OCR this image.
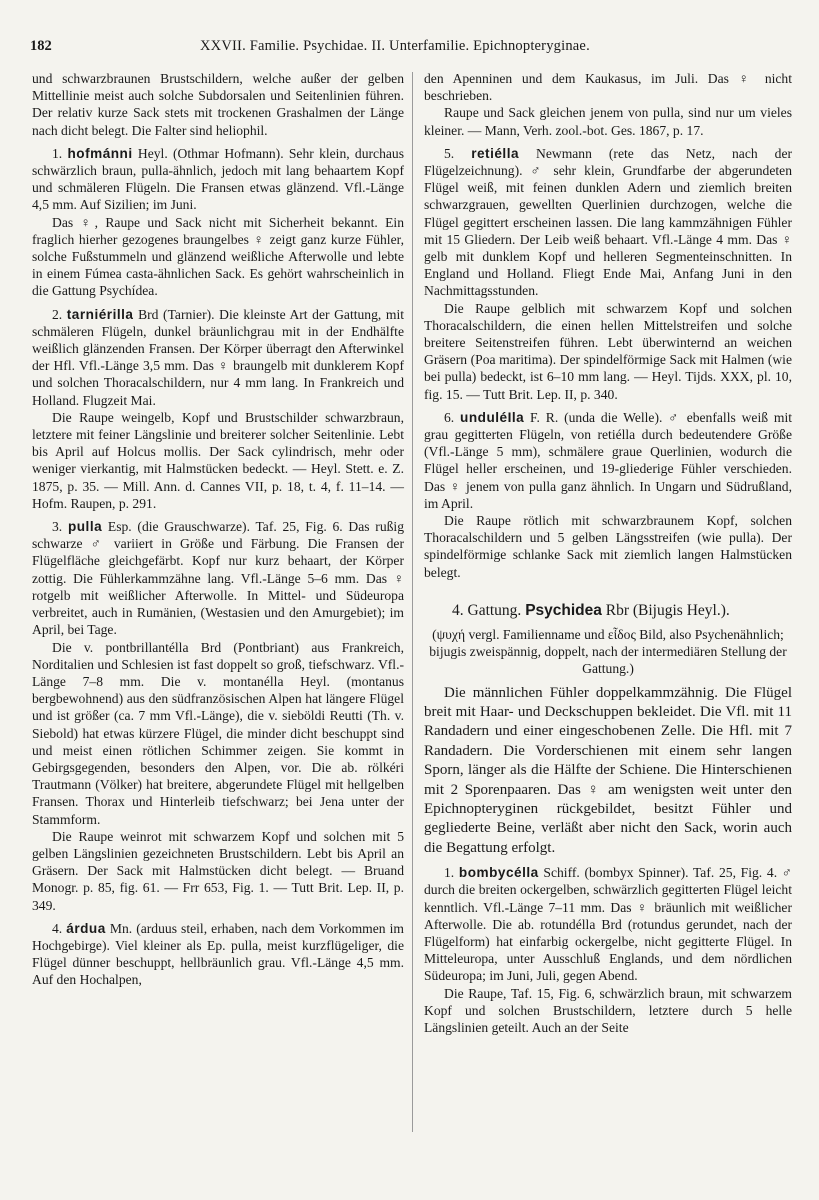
182	XXVII. Familie. Psychidae. II. Unterfamilie. Epichnopteryginae.

und schwarzbraunen Brustschildern, welche außer der gelben Mittellinie meist auch solche Subdorsalen und Seitenlinien führen. Der relativ kurze Sack stets mit trockenen Grashalmen der Länge nach dicht belegt. Die Falter sind heliophil.

1. hofmánni Heyl. (Othmar Hofmann). Sehr klein, durchaus schwärzlich braun, pulla-ähnlich, jedoch mit lang behaartem Kopf und schmäleren Flügeln. Die Fransen etwas glänzend. Vfl.-Länge 4,5 mm. Auf Sizilien; im Juni.

Das ♀, Raupe und Sack nicht mit Sicherheit bekannt. Ein fraglich hierher gezogenes braungelbes ♀ zeigt ganz kurze Fühler, solche Fußstummeln und glänzend weißliche Afterwolle und lebte in einem Fúmea casta-ähnlichen Sack. Es gehört wahrscheinlich in die Gattung Psychídea.

2. tarniérilla Brd (Tarnier). Die kleinste Art der Gattung, mit schmäleren Flügeln, dunkel bräunlichgrau mit in der Endhälfte weißlich glänzenden Fransen. Der Körper überragt den Afterwinkel der Hfl. Vfl.-Länge 3,5 mm. Das ♀ braungelb mit dunklerem Kopf und solchen Thoracalschildern, nur 4 mm lang. In Frankreich und Holland. Flugzeit Mai.

Die Raupe weingelb, Kopf und Brustschilder schwarzbraun, letztere mit feiner Längslinie und breiterer solcher Seitenlinie. Lebt bis April auf Holcus mollis. Der Sack cylindrisch, mehr oder weniger vierkantig, mit Halmstücken bedeckt. — Heyl. Stett. e. Z. 1875, p. 35. — Mill. Ann. d. Cannes VII, p. 18, t. 4, f. 11–14. — Hofm. Raupen, p. 291.

3. pulla Esp. (die Grauschwarze). Taf. 25, Fig. 6. Das rußig schwarze ♂ variiert in Größe und Färbung. Die Fransen der Flügelfläche gleichgefärbt. Kopf nur kurz behaart, der Körper zottig. Die Fühlerkammzähne lang. Vfl.-Länge 5–6 mm. Das ♀ rotgelb mit weißlicher Afterwolle. In Mittel- und Südeuropa verbreitet, auch in Rumänien, (Westasien und den Amurgebiet); im April, bei Tage.

Die v. pontbrillantélla Brd (Pontbriant) aus Frankreich, Norditalien und Schlesien ist fast doppelt so groß, tiefschwarz. Vfl.-Länge 7–8 mm. Die v. montanélla Heyl. (montanus bergbewohnend) aus den südfranzösischen Alpen hat längere Flügel und ist größer (ca. 7 mm Vfl.-Länge), die v. sieböldi Reutti (Th. v. Siebold) hat etwas kürzere Flügel, die minder dicht beschuppt sind und meist einen rötlichen Schimmer zeigen. Sie kommt in Gebirgsgegenden, besonders den Alpen, vor. Die ab. rölkéri Trautmann (Völker) hat breitere, abgerundete Flügel mit hellgelben Fransen. Thorax und Hinterleib tiefschwarz; bei Jena unter der Stammform.

Die Raupe weinrot mit schwarzem Kopf und solchen mit 5 gelben Längslinien gezeichneten Brustschildern. Lebt bis April an Gräsern. Der Sack mit Halmstücken dicht belegt. — Bruand Monogr. p. 85, fig. 61. — Frr 653, Fig. 1. — Tutt Brit. Lep. II, p. 349.

4. árdua Mn. (arduus steil, erhaben, nach dem Vorkommen im Hochgebirge). Viel kleiner als Ep. pulla, meist kurzflügeliger, die Flügel dünner beschuppt, hellbräunlich grau. Vfl.-Länge 4,5 mm. Auf den Hochalpen,

den Apenninen und dem Kaukasus, im Juli. Das ♀ nicht beschrieben.

Raupe und Sack gleichen jenem von pulla, sind nur um vieles kleiner. — Mann, Verh. zool.-bot. Ges. 1867, p. 17.

5. retiélla Newmann (rete das Netz, nach der Flügelzeichnung). ♂ sehr klein, Grundfarbe der abgerundeten Flügel weiß, mit feinen dunklen Adern und ziemlich breiten schwarzgrauen, gewellten Querlinien durchzogen, welche die Flügel gegittert erscheinen lassen. Die lang kammzähnigen Fühler mit 15 Gliedern. Der Leib weiß behaart. Vfl.-Länge 4 mm. Das ♀ gelb mit dunklem Kopf und helleren Segmenteinschnitten. In England und Holland. Fliegt Ende Mai, Anfang Juni in den Nachmittagsstunden.

Die Raupe gelblich mit schwarzem Kopf und solchen Thoracalschildern, die einen hellen Mittelstreifen und solche breitere Seitenstreifen führen. Lebt überwinternd an weichen Gräsern (Poa maritima). Der spindelförmige Sack mit Halmen (wie bei pulla) bedeckt, ist 6–10 mm lang. — Heyl. Tijds. XXX, pl. 10, fig. 15. — Tutt Brit. Lep. II, p. 340.

6. unduléIla F. R. (unda die Welle). ♂ ebenfalls weiß mit grau gegitterten Flügeln, von retiélla durch bedeutendere Größe (Vfl.-Länge 5 mm), schmälere graue Querlinien, wodurch die Flügel heller erscheinen, und 19-gliederige Fühler verschieden. Das ♀ jenem von pulla ganz ähnlich. In Ungarn und Südrußland, im April.

Die Raupe rötlich mit schwarzbraunem Kopf, solchen Thoracalschildern und 5 gelben Längsstreifen (wie pulla). Der spindelförmige schlanke Sack mit ziemlich langen Halmstücken belegt.

4. Gattung. Psychidea Rbr (Bijugis Heyl.).

(ψυχή vergl. Familienname und εἶδος Bild, also Psychenähnlich; bijugis zweispännig, doppelt, nach der intermediären Stellung der Gattung.)

Die männlichen Fühler doppelkammzähnig. Die Flügel breit mit Haar- und Deckschuppen bekleidet. Die Vfl. mit 11 Randadern und einer eingeschobenen Zelle. Die Hfl. mit 7 Randadern. Die Vorderschienen mit einem sehr langen Sporn, länger als die Hälfte der Schiene. Die Hinterschienen mit 2 Sporenpaaren. Das ♀ am wenigsten weit unter den Epichnopteryginen rückgebildet, besitzt Fühler und gegliederte Beine, verläßt aber nicht den Sack, worin auch die Begattung erfolgt.

1. bombycélla Schiff. (bombyx Spinner). Taf. 25, Fig. 4. ♂ durch die breiten ockergelben, schwärzlich gegitterten Flügel leicht kenntlich. Vfl.-Länge 7–11 mm. Das ♀ bräunlich mit weißlicher Afterwolle. Die ab. rotundélla Brd (rotundus gerundet, nach der Flügelform) hat einfarbig ockergelbe, nicht gegitterte Flügel. In Mitteleuropa, unter Ausschluß Englands, und dem nördlichen Südeuropa; im Juni, Juli, gegen Abend.

Die Raupe, Taf. 15, Fig. 6, schwärzlich braun, mit schwarzem Kopf und solchen Brustschildern, letztere durch 5 helle Längslinien geteilt. Auch an der Seite
